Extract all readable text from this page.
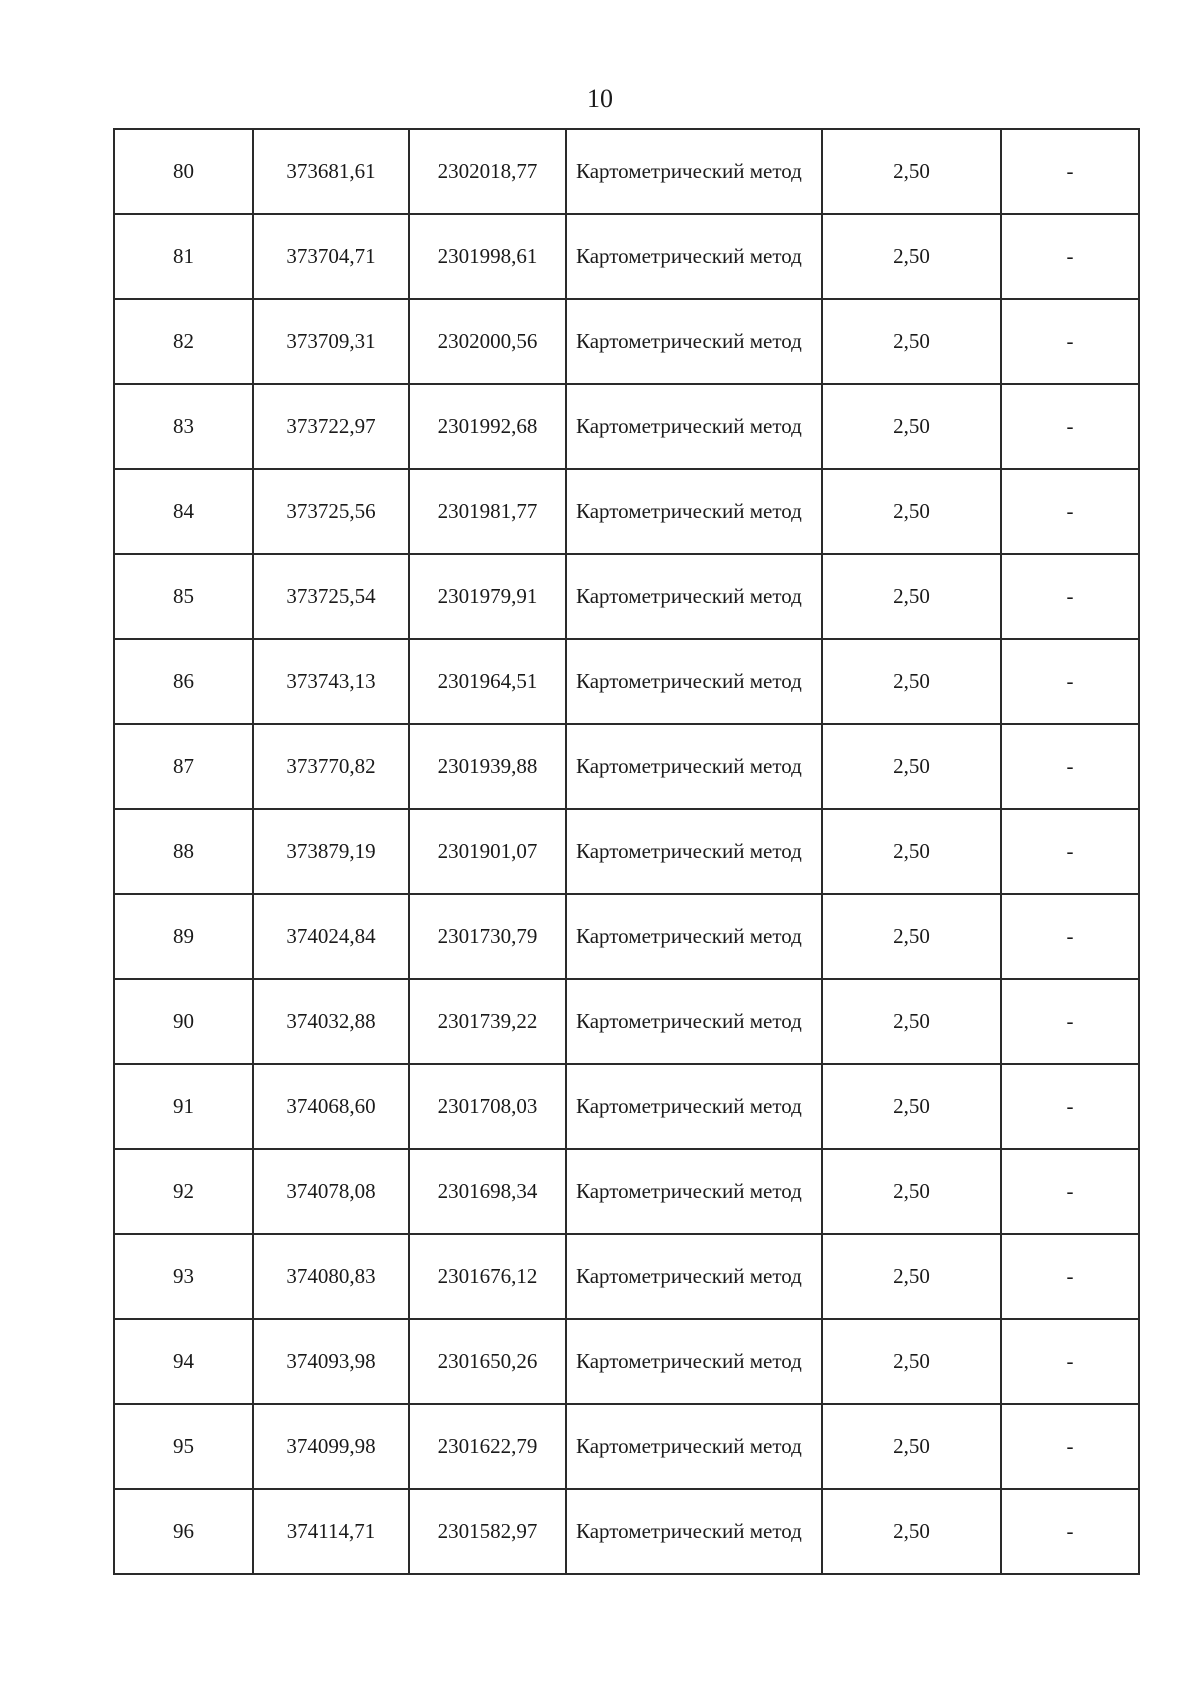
10
80	373681,61	2302018,77	Картометрический метод	2,50	-
81	373704,71	2301998,61	Картометрический метод	2,50	-
82	373709,31	2302000,56	Картометрический метод	2,50	-
83	373722,97	2301992,68	Картометрический метод	2,50	-
84	373725,56	2301981,77	Картометрический метод	2,50	-
85	373725,54	2301979,91	Картометрический метод	2,50	-
86	373743,13	2301964,51	Картометрический метод	2,50	-
87	373770,82	2301939,88	Картометрический метод	2,50	-
88	373879,19	2301901,07	Картометрический метод	2,50	-
89	374024,84	2301730,79	Картометрический метод	2,50	-
90	374032,88	2301739,22	Картометрический метод	2,50	-
91	374068,60	2301708,03	Картометрический метод	2,50	-
92	374078,08	2301698,34	Картометрический метод	2,50	-
93	374080,83	2301676,12	Картометрический метод	2,50	-
94	374093,98	2301650,26	Картометрический метод	2,50	-
95	374099,98	2301622,79	Картометрический метод	2,50	-
96	374114,71	2301582,97	Картометрический метод	2,50	-
